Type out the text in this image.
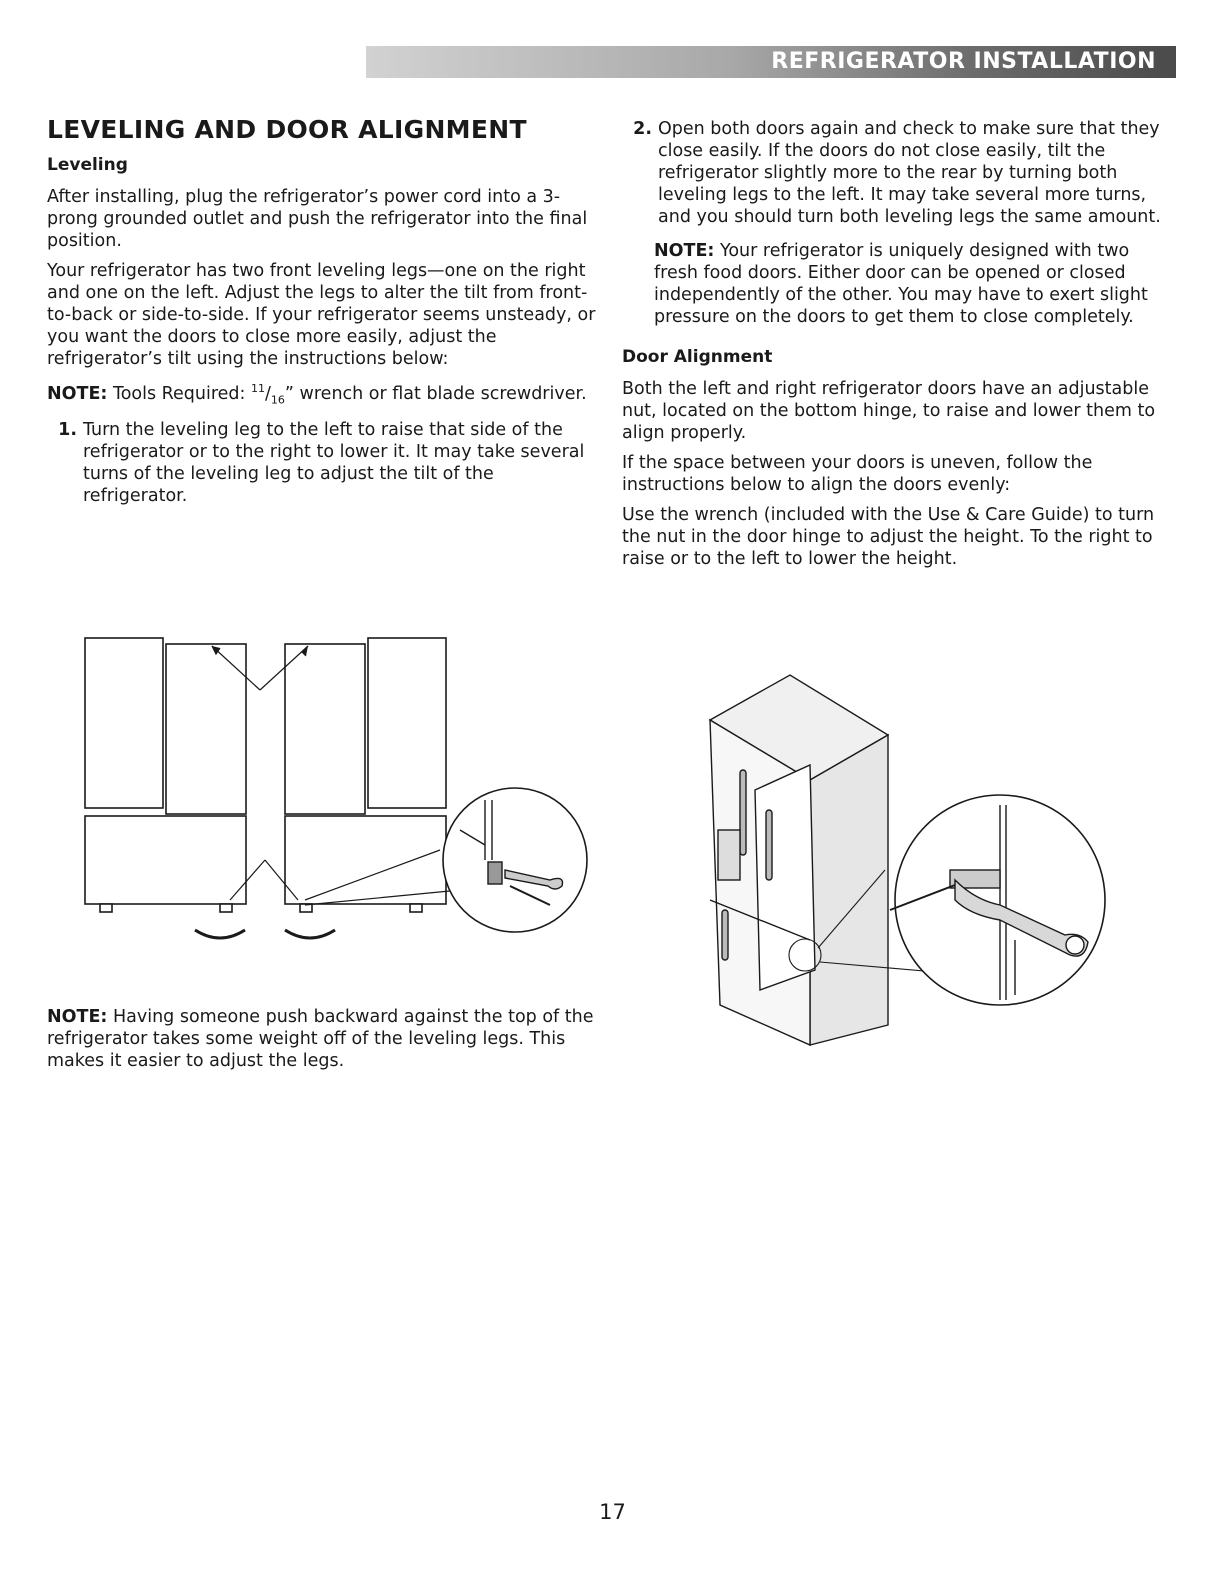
REFRIGERATOR INSTALLATION
LEVELING AND DOOR ALIGNMENT
Leveling

After installing, plug the refrigerator’s power cord into a 3-prong grounded outlet and push the refrigerator into the final position.

Your refrigerator has two front leveling legs—one on the right and one on the left. Adjust the legs to alter the tilt from front-to-back or side-to-side. If your refrigerator seems unsteady, or you want the doors to close more easily, adjust the refrigerator’s tilt using the instructions below:

NOTE: Tools Required: $^{11}/_{16}$” wrench or flat blade screwdriver.

1. Turn the leveling leg to the left to raise that side of the refrigerator or to the right to lower it. It may take several turns of the leveling leg to adjust the tilt of the refrigerator.
NOTE: Having someone push backward against the top of the refrigerator takes some weight off of the leveling legs. This makes it easier to adjust the legs.
2. Open both doors again and check to make sure that they close easily. If the doors do not close easily, tilt the refrigerator slightly more to the rear by turning both leveling legs to the left. It may take several more turns, and you should turn both leveling legs the same amount.

NOTE: Your refrigerator is uniquely designed with two fresh food doors. Either door can be opened or closed independently of the other. You may have to exert slight pressure on the doors to get them to close completely.

Door Alignment

Both the left and right refrigerator doors have an adjustable nut, located on the bottom hinge, to raise and lower them to align properly.

If the space between your doors is uneven, follow the instructions below to align the doors evenly:

Use the wrench (included with the Use & Care Guide) to turn the nut in the door hinge to adjust the height. To the right to raise or to the left to lower the height.

17
